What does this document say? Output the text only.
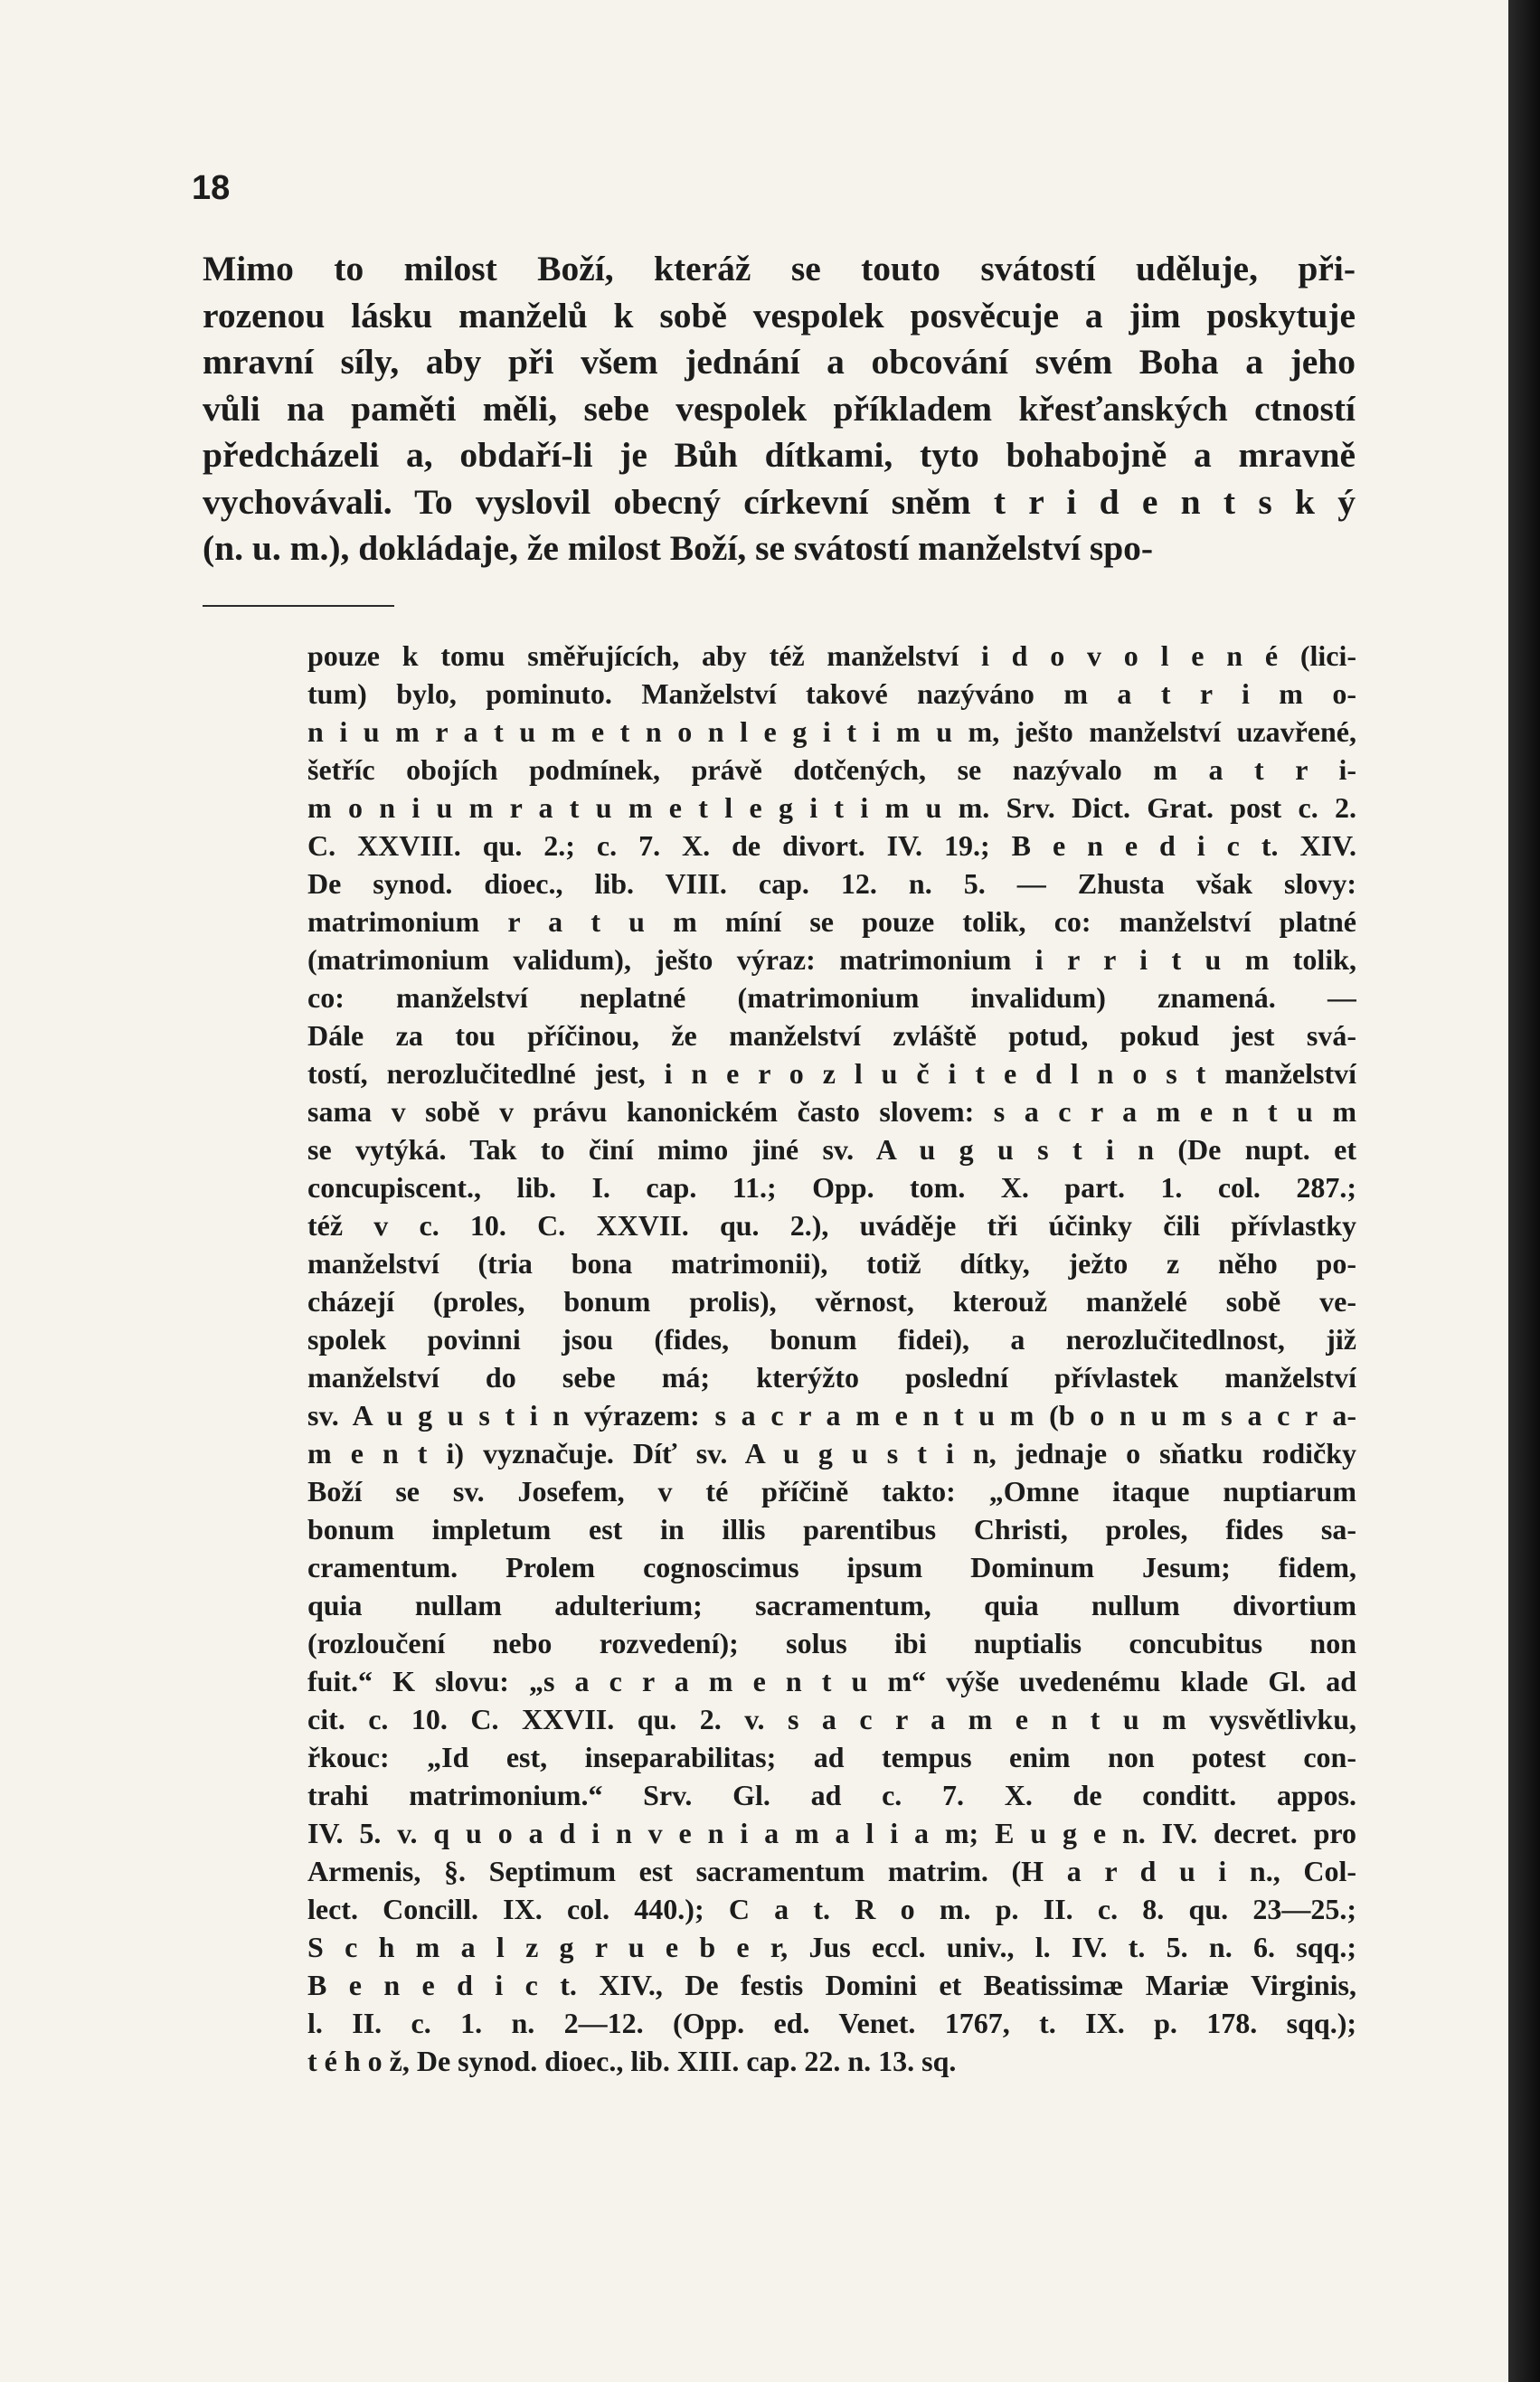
18
Mimo to milost Boží, kteráž se touto svátostí uděluje, při-
rozenou lásku manželů k sobě vespolek posvěcuje a jim poskytuje
mravní síly, aby při všem jednání a obcování svém Boha a jeho
vůli na paměti měli, sebe vespolek příkladem křesťanských ctností
předcházeli a, obdaří-li je Bůh dítkami, tyto bohabojně a mravně
vychovávali. To vyslovil obecný církevní sněm t r i d e n t s k ý
(n. u. m.), dokládaje, že milost Boží, se svátostí manželství spo-
pouze k tomu směřujících, aby též manželství i d o v o l e n é (lici-
tum) bylo, pominuto. Manželství takové nazýváno m a t r i m o-
n i u m r a t u m e t n o n l e g i t i m u m, ješto manželství uzavřené,
šetříc obojích podmínek, právě dotčených, se nazývalo m a t r i-
m o n i u m r a t u m e t l e g i t i m u m. Srv. Dict. Grat. post c. 2.
C. XXVIII. qu. 2.; c. 7. X. de divort. IV. 19.; B e n e d i c t. XIV.
De synod. dioec., lib. VIII. cap. 12. n. 5. — Zhusta však slovy:
matrimonium r a t u m míní se pouze tolik, co: manželství platné
(matrimonium validum), ješto výraz: matrimonium i r r i t u m tolik,
co: manželství neplatné (matrimonium invalidum) znamená. —
Dále za tou příčinou, že manželství zvláště potud, pokud jest svá-
tostí, nerozlučitedlné jest, i n e r o z l u č i t e d l n o s t manželství
sama v sobě v právu kanonickém často slovem: s a c r a m e n t u m
se vytýká. Tak to činí mimo jiné sv. A u g u s t i n (De nupt. et
concupiscent., lib. I. cap. 11.; Opp. tom. X. part. 1. col. 287.;
též v c. 10. C. XXVII. qu. 2.), uváděje tři účinky čili přívlastky
manželství (tria bona matrimonii), totiž dítky, ježto z něho po-
cházejí (proles, bonum prolis), věrnost, kterouž manželé sobě ve-
spolek povinni jsou (fides, bonum fidei), a nerozlučitedlnost, již
manželství do sebe má; kterýžto poslední přívlastek manželství
sv. A u g u s t i n výrazem: s a c r a m e n t u m (b o n u m s a c r a-
m e n t i) vyznačuje. Díť sv. A u g u s t i n, jednaje o sňatku rodičky
Boží se sv. Josefem, v té příčině takto: „Omne itaque nuptiarum
bonum impletum est in illis parentibus Christi, proles, fides sa-
cramentum. Prolem cognoscimus ipsum Dominum Jesum; fidem,
quia nullam adulterium; sacramentum, quia nullum divortium
(rozloučení nebo rozvedení); solus ibi nuptialis concubitus non
fuit.“ K slovu: „s a c r a m e n t u m“ výše uvedenému klade Gl. ad
cit. c. 10. C. XXVII. qu. 2. v. s a c r a m e n t u m vysvětlivku,
řkouc: „Id est, inseparabilitas; ad tempus enim non potest con-
trahi matrimonium.“ Srv. Gl. ad c. 7. X. de conditt. appos.
IV. 5. v. q u o a d i n v e n i a m a l i a m; E u g e n. IV. decret. pro
Armenis, §. Septimum est sacramentum matrim. (H a r d u i n., Col-
lect. Concill. IX. col. 440.); C a t. R o m. p. II. c. 8. qu. 23—25.;
S c h m a l z g r u e b e r, Jus eccl. univ., l. IV. t. 5. n. 6. sqq.;
B e n e d i c t. XIV., De festis Domini et Beatissimæ Mariæ Virginis,
l. II. c. 1. n. 2—12. (Opp. ed. Venet. 1767, t. IX. p. 178. sqq.);
t é h o ž, De synod. dioec., lib. XIII. cap. 22. n. 13. sq.
